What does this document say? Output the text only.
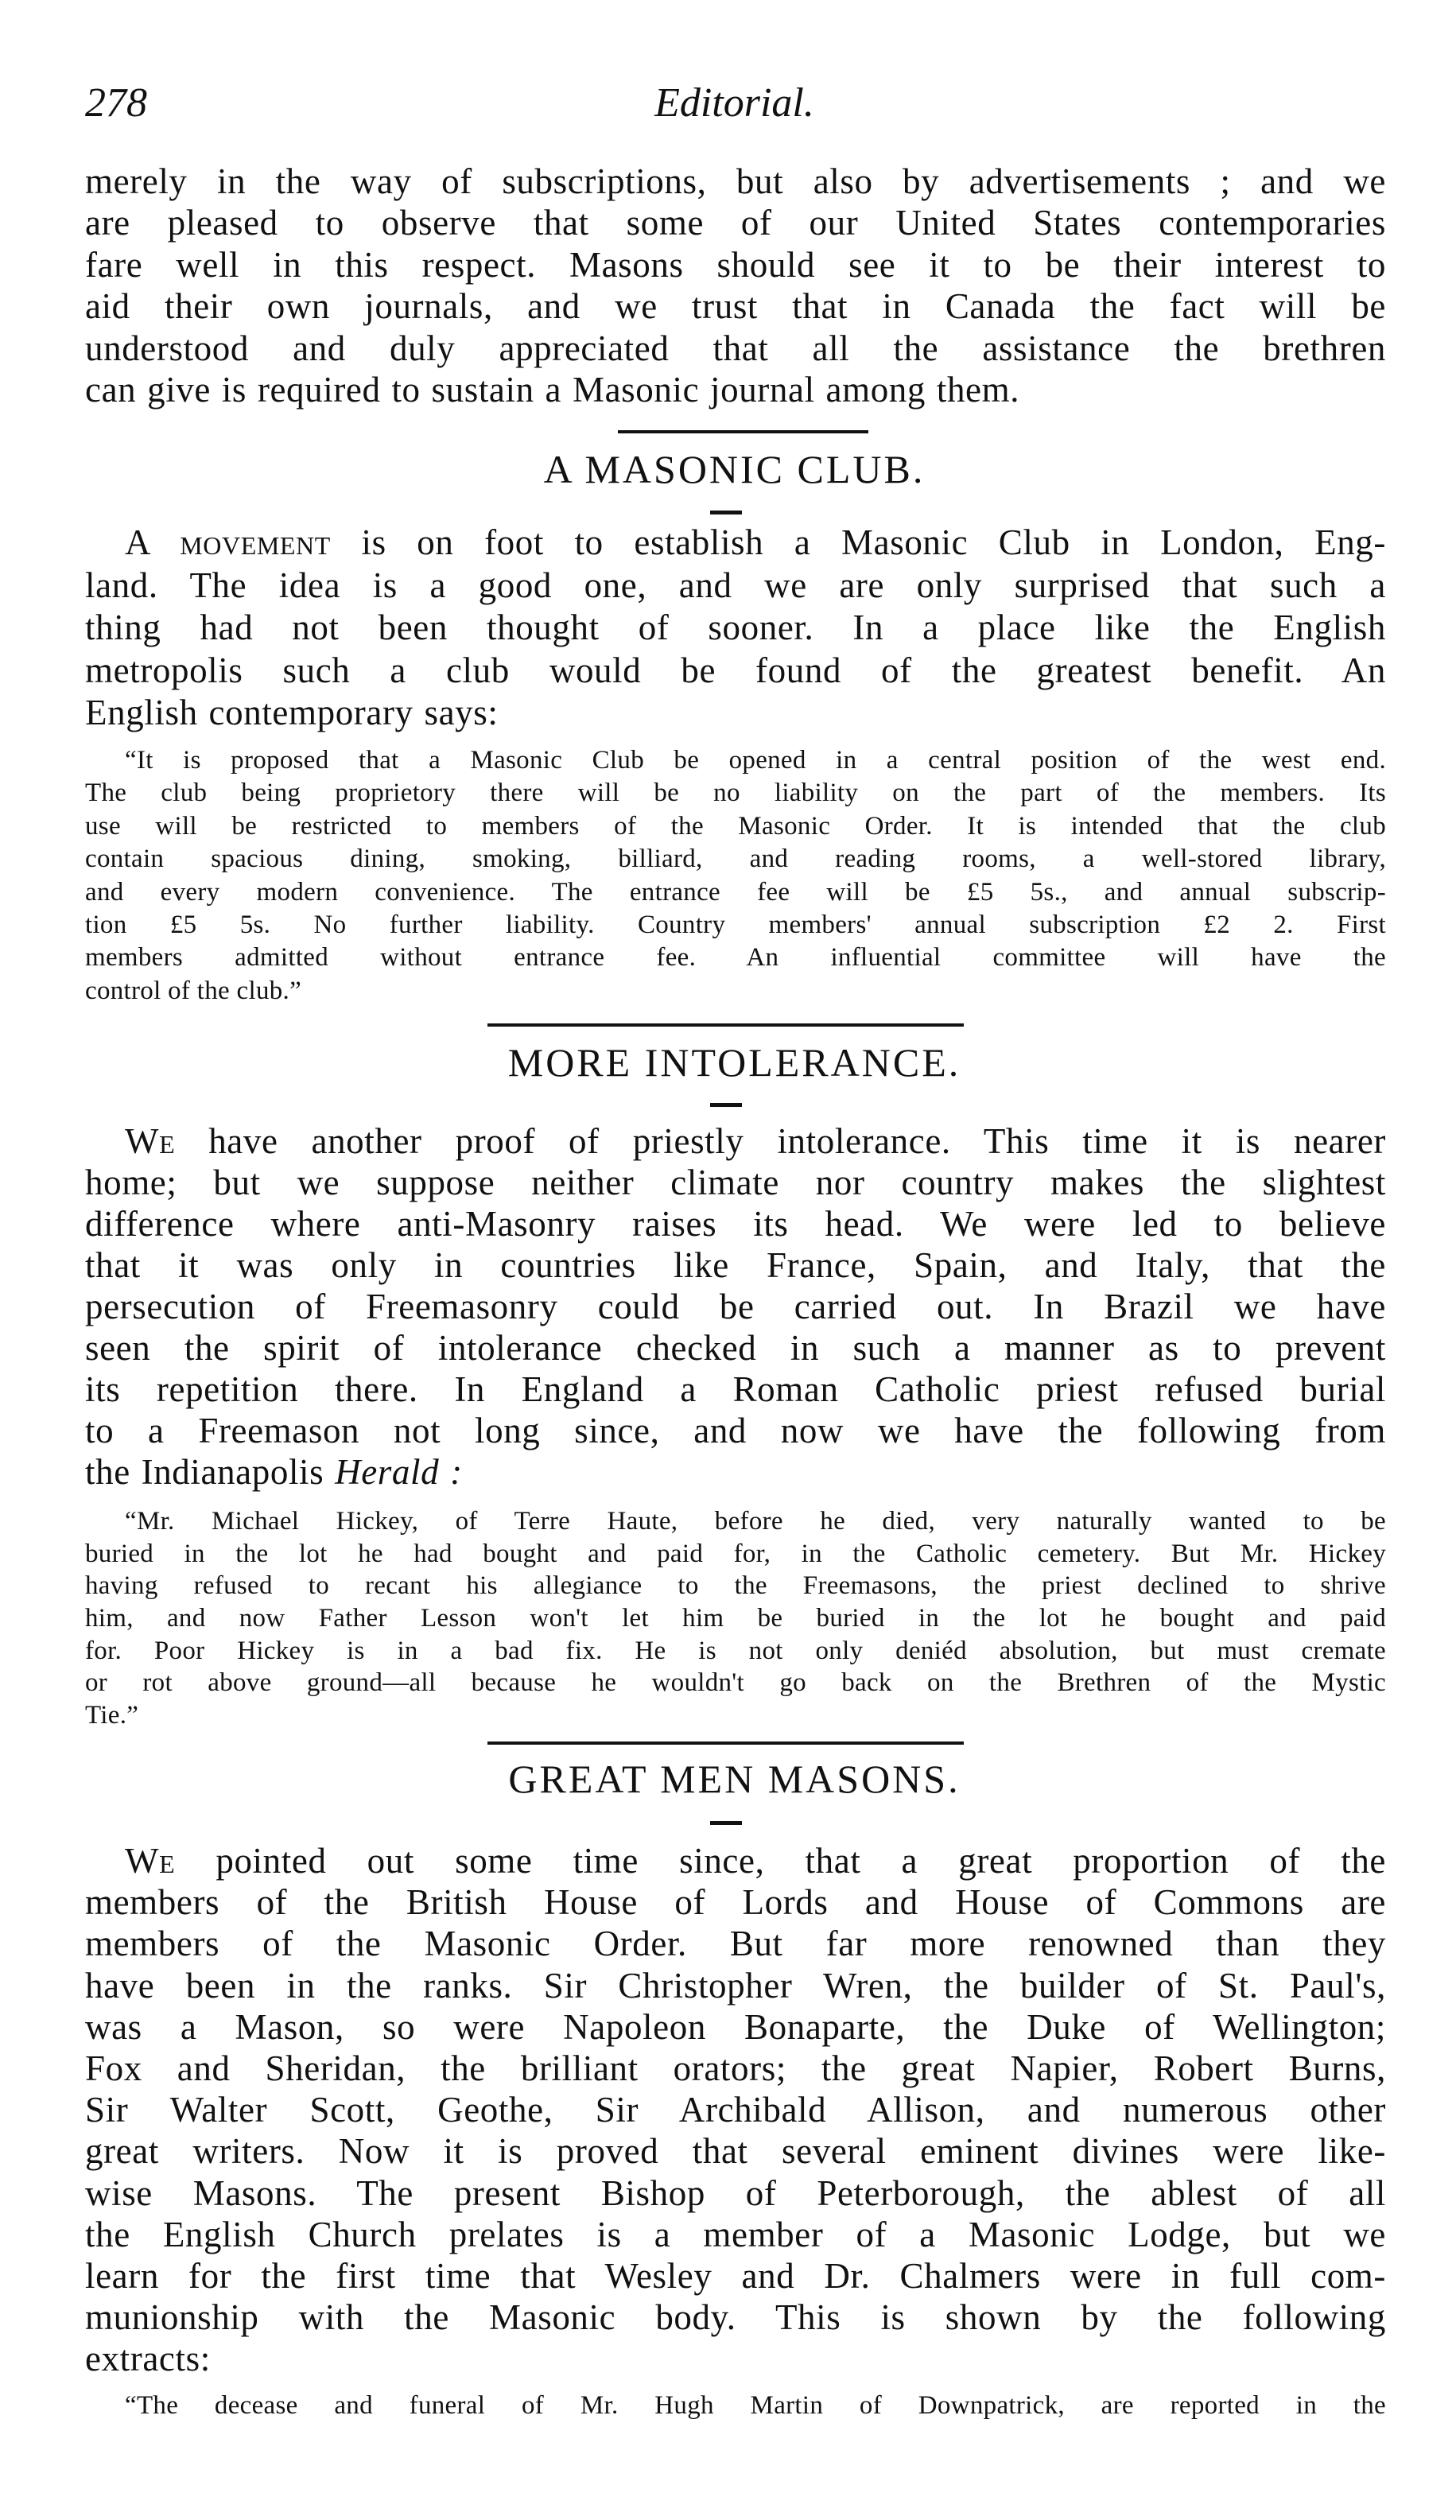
278	Editorial.
merely in the way of subscriptions, but also by advertisements ; and we
are pleased to observe that some of our United States contemporaries
fare well in this respect. Masons should see it to be their interest to
aid their own journals, and we trust that in Canada the fact will be
understood and duly appreciated that all the assistance the brethren
can give is required to sustain a Masonic journal among them.
A MASONIC CLUB.
A movement is on foot to establish a Masonic Club in London, Eng-
land. The idea is a good one, and we are only surprised that such a
thing had not been thought of sooner. In a place like the English
metropolis such a club would be found of the greatest benefit. An
English contemporary says:
“It is proposed that a Masonic Club be opened in a central position of the west end.
The club being proprietory there will be no liability on the part of the members. Its
use will be restricted to members of the Masonic Order. It is intended that the club
contain spacious dining, smoking, billiard, and reading rooms, a well-stored library,
and every modern convenience. The entrance fee will be £5 5s., and annual subscrip-
tion £5 5s. No further liability. Country members' annual subscription £2 2. First
members admitted without entrance fee. An influential committee will have the
control of the club.”
MORE INTOLERANCE.
We have another proof of priestly intolerance. This time it is nearer
home; but we suppose neither climate nor country makes the slightest
difference where anti-Masonry raises its head. We were led to believe
that it was only in countries like France, Spain, and Italy, that the
persecution of Freemasonry could be carried out. In Brazil we have
seen the spirit of intolerance checked in such a manner as to prevent
its repetition there. In England a Roman Catholic priest refused burial
to a Freemason not long since, and now we have the following from
the Indianapolis Herald :
“Mr. Michael Hickey, of Terre Haute, before he died, very naturally wanted to be
buried in the lot he had bought and paid for, in the Catholic cemetery. But Mr. Hickey
having refused to recant his allegiance to the Freemasons, the priest declined to shrive
him, and now Father Lesson won't let him be buried in the lot he bought and paid
for. Poor Hickey is in a bad fix. He is not only deniéd absolution, but must cremate
or rot above ground—all because he wouldn't go back on the Brethren of the Mystic
Tie.”
GREAT MEN MASONS.
We pointed out some time since, that a great proportion of the
members of the British House of Lords and House of Commons are
members of the Masonic Order. But far more renowned than they
have been in the ranks. Sir Christopher Wren, the builder of St. Paul's,
was a Mason, so were Napoleon Bonaparte, the Duke of Wellington;
Fox and Sheridan, the brilliant orators; the great Napier, Robert Burns,
Sir Walter Scott, Geothe, Sir Archibald Allison, and numerous other
great writers. Now it is proved that several eminent divines were like-
wise Masons. The present Bishop of Peterborough, the ablest of all
the English Church prelates is a member of a Masonic Lodge, but we
learn for the first time that Wesley and Dr. Chalmers were in full com-
munionship with the Masonic body. This is shown by the following
extracts:
“The decease and funeral of Mr. Hugh Martin of Downpatrick, are reported in the
